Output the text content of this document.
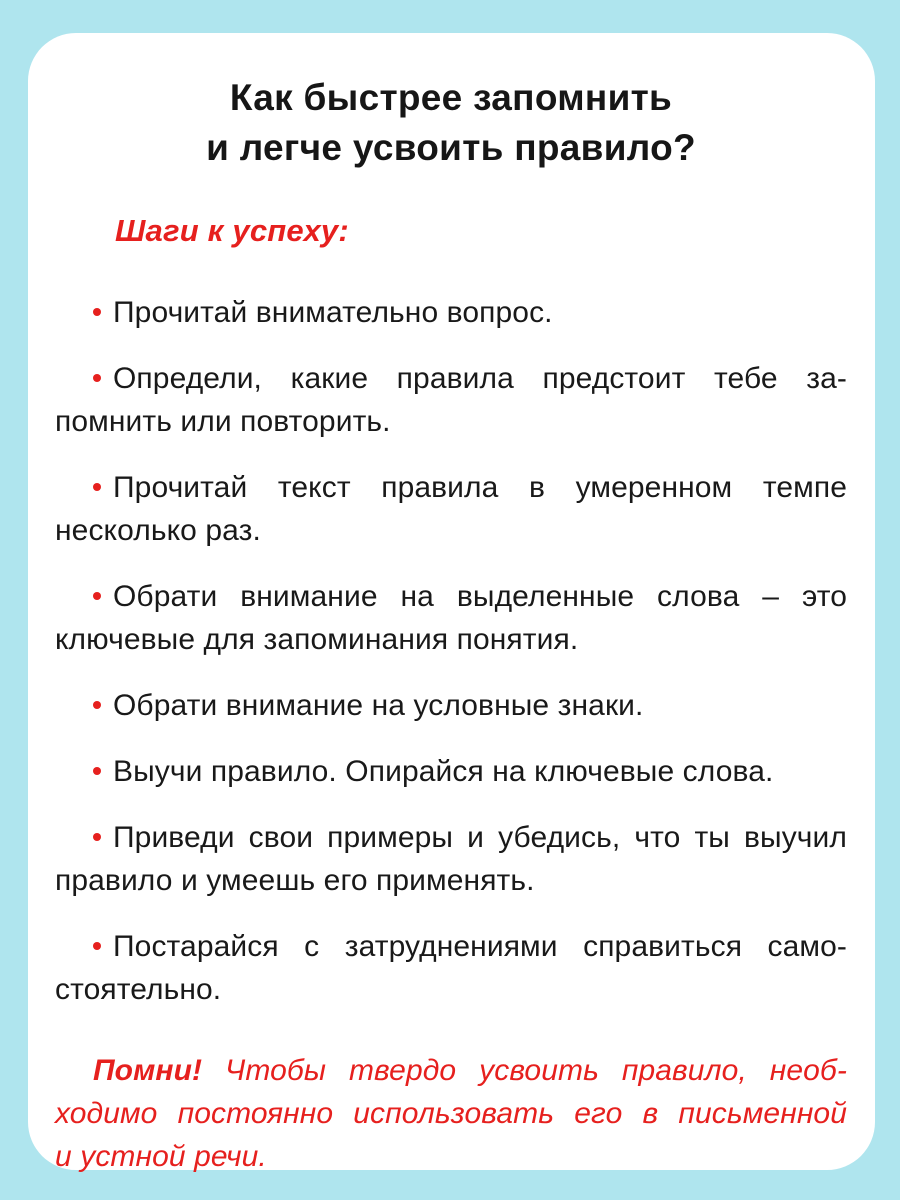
Как быстрее запомнить
и легче усвоить правило?
Шаги к успеху:
Прочитай внимательно вопрос.
Определи, какие правила предстоит тебе за-
помнить или повторить.
Прочитай текст правила в умеренном темпе
несколько раз.
Обрати внимание на выделенные слова – это
ключевые для запоминания понятия.
Обрати внимание на условные знаки.
Выучи правило. Опирайся на ключевые слова.
Приведи свои примеры и убедись, что ты выучил
правило и умеешь его применять.
Постарайся с затруднениями справиться само-
стоятельно.
Помни! Чтобы твердо усвоить правило, необ-
ходимо постоянно использовать его в письменной
и устной речи.
